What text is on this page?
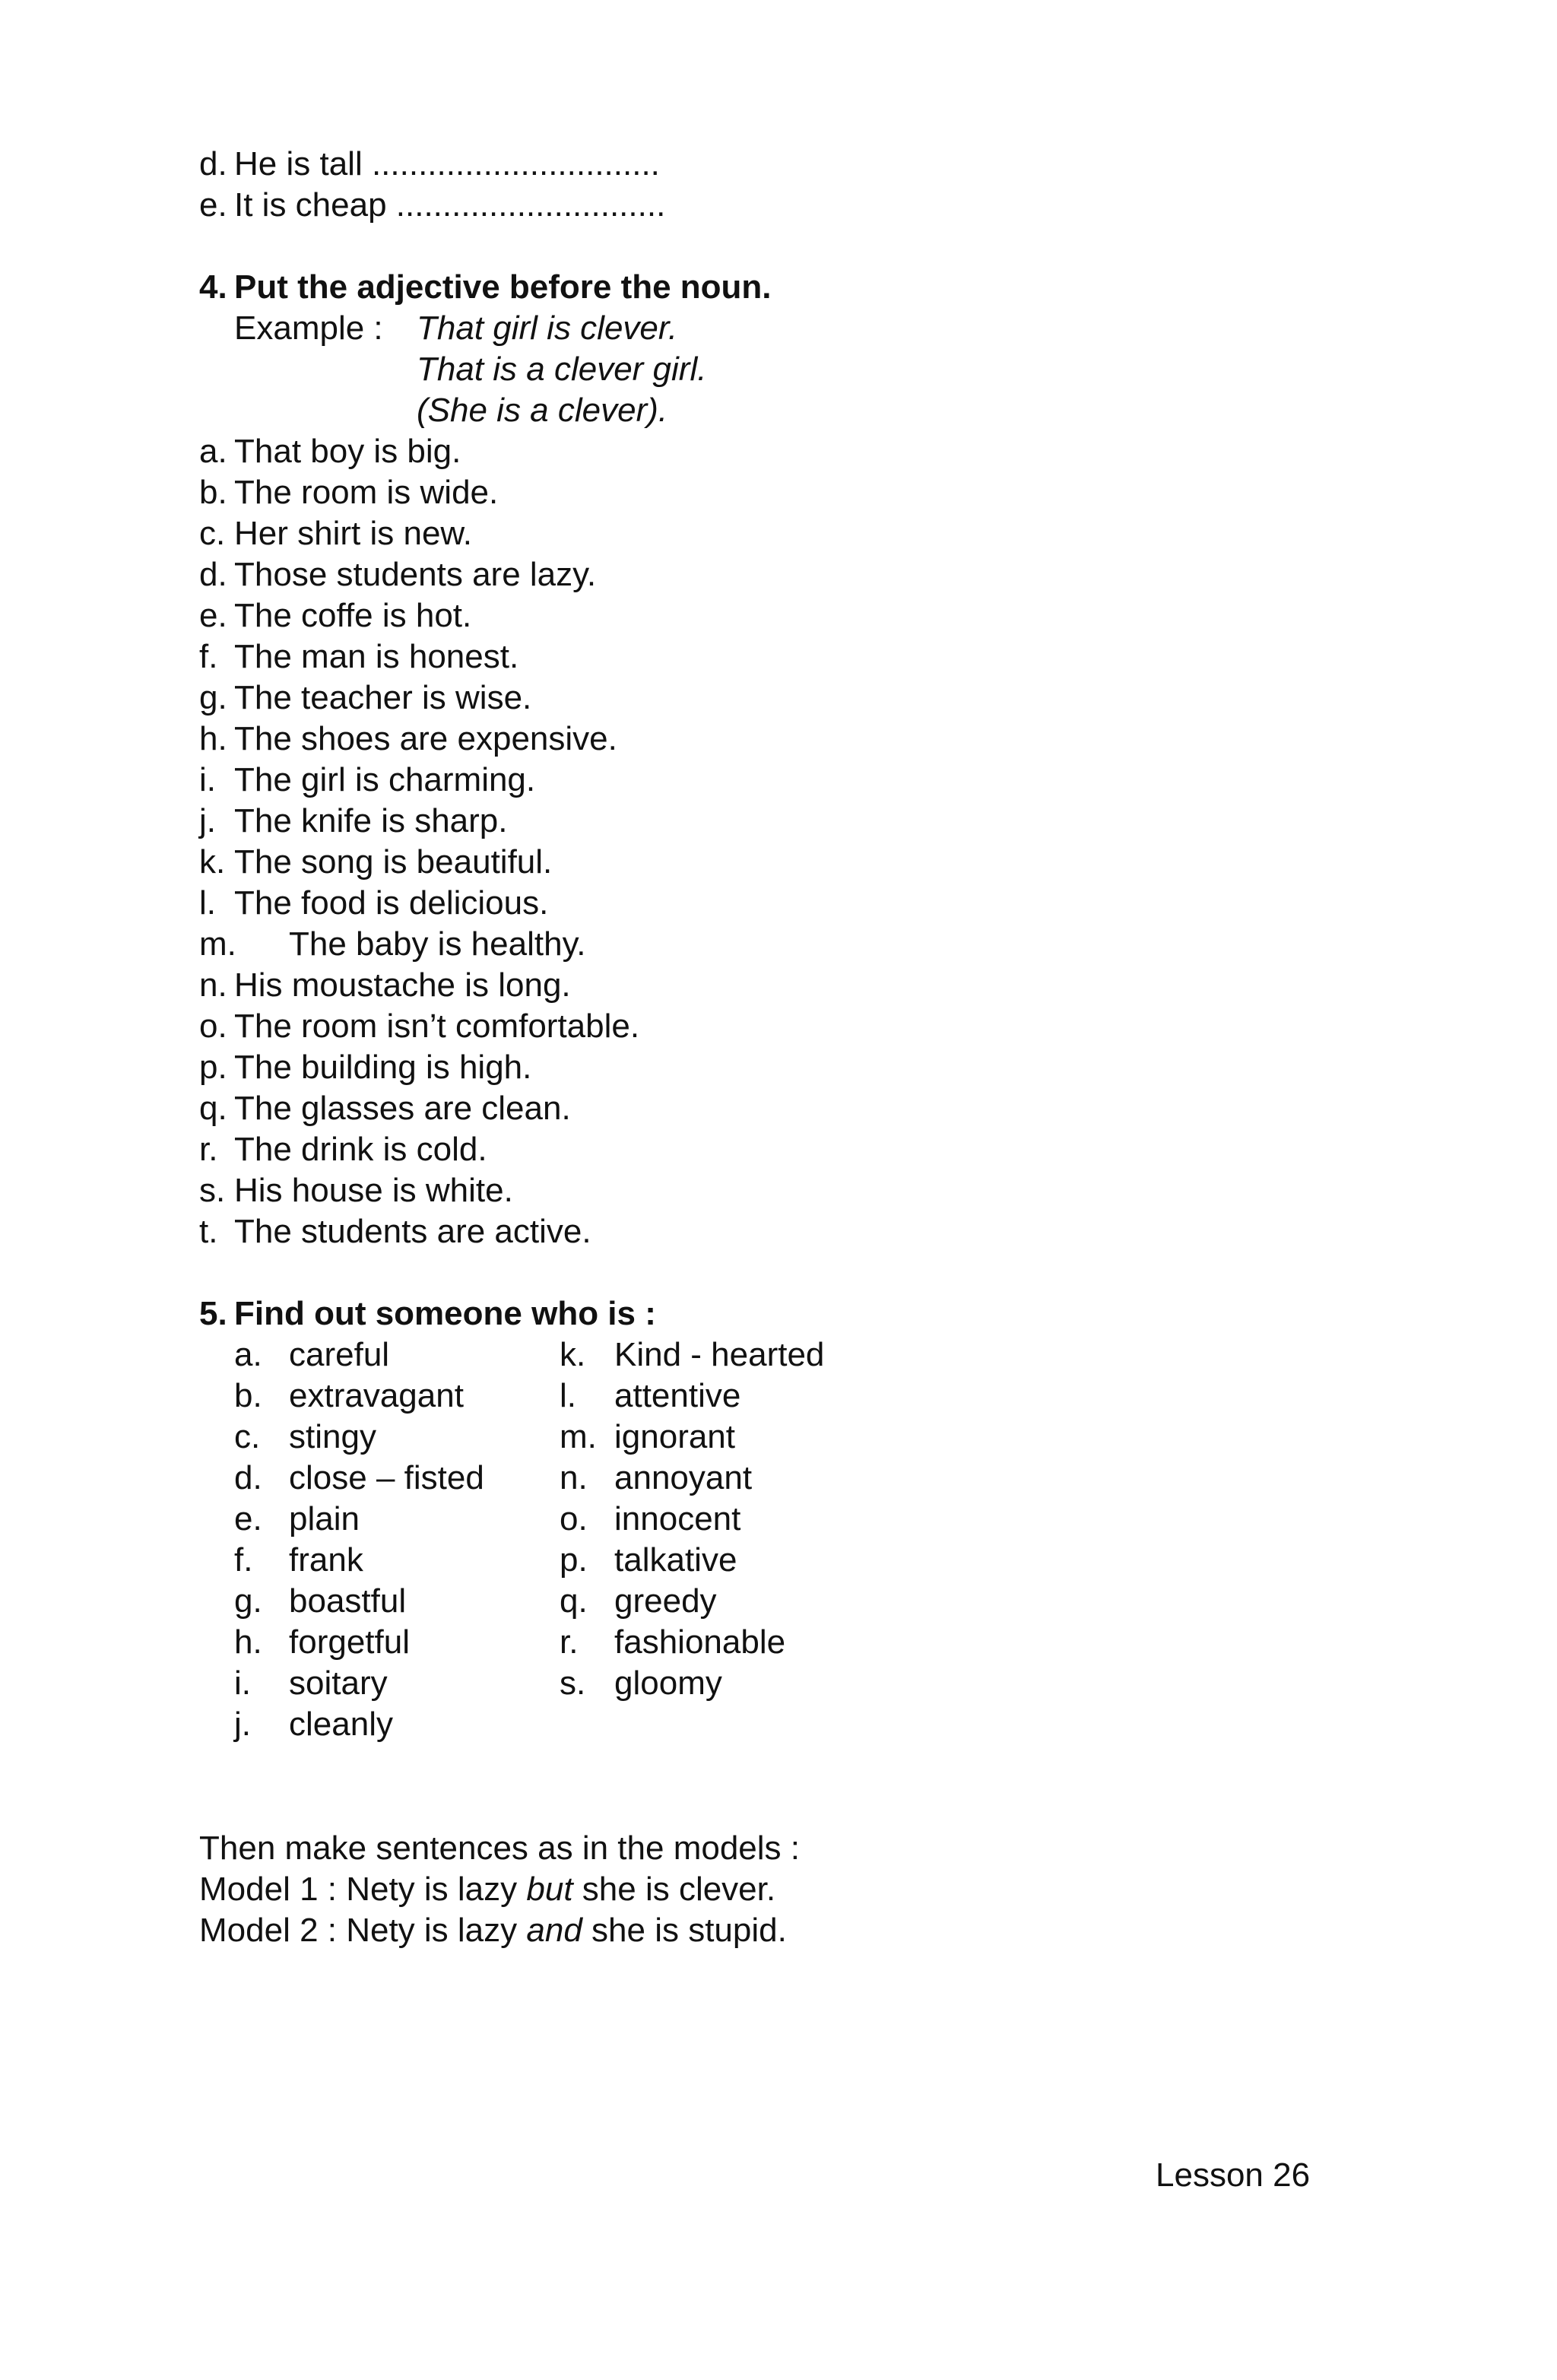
d. He is tall ...............................
e. It is cheap .............................
4. Put the adjective before the noun.
Example : That girl is clever.
That is a clever girl.
(She is a clever).
a. That boy is big.
b. The room is wide.
c. Her shirt is new.
d. Those students are lazy.
e. The coffe is hot.
f. The man is honest.
g. The teacher is wise.
h. The shoes are expensive.
i. The girl is charming.
j. The knife is sharp.
k. The song is beautiful.
l. The food is delicious.
m. The baby is healthy.
n. His moustache is long.
o. The room isn’t comfortable.
p. The building is high.
q. The glasses are clean.
r. The drink is cold.
s. His house is white.
t. The students are active.
5. Find out someone who is :
a. careful	k. Kind - hearted
b. extravagant	l. attentive
c. stingy	m. ignorant
d. close – fisted n. annoyant
e. plain	o. innocent
f. frank	p. talkative
g. boastful	q. greedy
h. forgetful	r. fashionable
i. soitary	s. gloomy
j. cleanly
Then make sentences as in the models :
Model 1 : Nety is lazy but she is clever.
Model 2 : Nety is lazy and she is stupid.
Lesson 26
